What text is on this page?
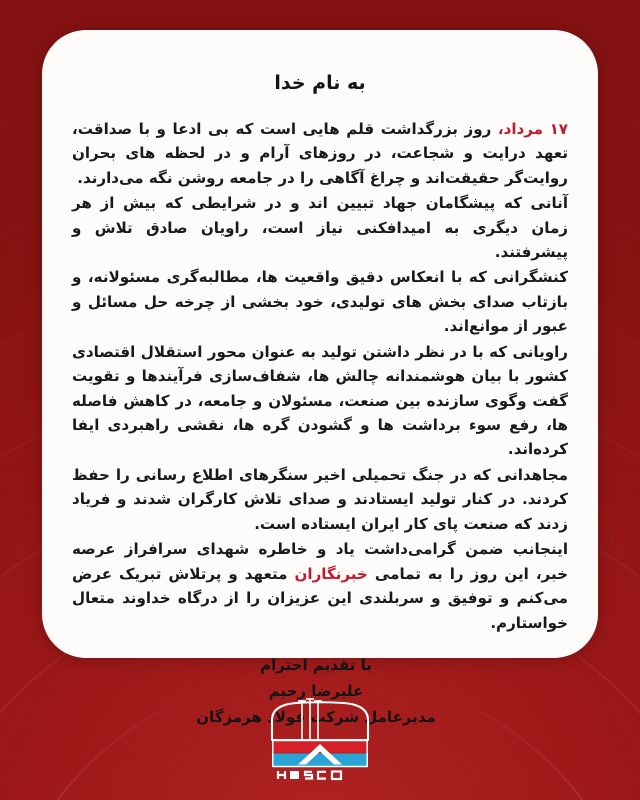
به نام خدا

۱۷ مرداد، روز بزرگداشت قلم هایی است که بی ادعا و با صداقت، تعهد درایت و شجاعت، در روزهای آرام و در لحظه های بحران روایت‌گر حقیقت‌اند و چراغ آگاهی را در جامعه روشن نگه می‌دارند.

آنانی که پیشگامان جهاد تبیین اند و در شرایطی که بیش از هر زمان دیگری به امیدافکنی نیاز است، راویان صادق تلاش و پیشرفتند.

کنشگرانی که با انعکاس دقیق واقعیت ها، مطالبه‌گری مسئولانه، و بازتاب صدای بخش های تولیدی، خود بخشی از چرخه حل مسائل و عبور از موانع‌اند.

راویانی که با در نظر داشتن تولید به عنوان محور استقلال اقتصادی کشور با بیان هوشمندانه چالش ها، شفاف‌سازی فرآیندها و تقویت گفت وگوی سازنده بین صنعت، مسئولان و جامعه، در کاهش فاصله ها، رفع سوء برداشت ها و گشودن گره ها، نقشی راهبردی ایفا کرده‌اند.

مجاهدانی که در جنگ تحمیلی اخیر سنگرهای اطلاع رسانی را حفظ کردند. در کنار تولید ایستادند و صدای تلاش کارگران شدند و فریاد زدند که صنعت پای کار ایران ایستاده است.

اینجانب ضمن گرامی‌داشت یاد و خاطره شهدای سرافراز عرصه خبر، این روز را به تمامی خبرنگاران متعهد و پرتلاش تبریک عرض می‌کنم و توفیق و سربلندی این عزیزان را از درگاه خداوند متعال خواستارم.

با تقدیم احترام
علیرضا رحیم
مدیرعامل شرکت فولاد هرمزگان
